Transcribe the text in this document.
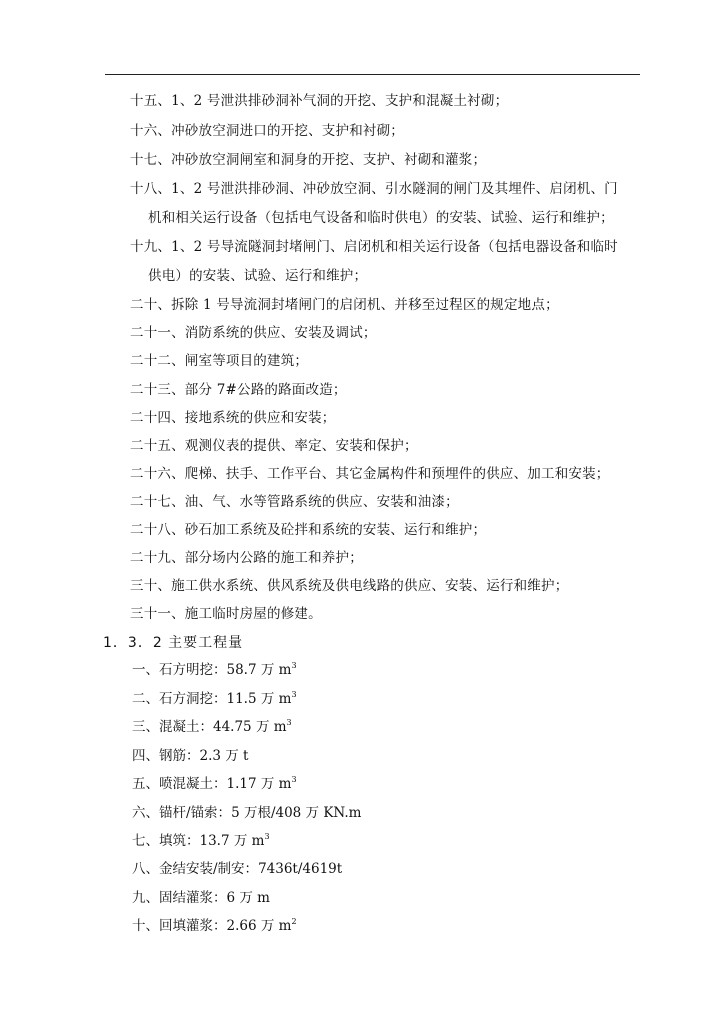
十五、1、2 号泄洪排砂洞补气洞的开挖、支护和混凝土衬砌；
十六、冲砂放空洞进口的开挖、支护和衬砌；
十七、冲砂放空洞闸室和洞身的开挖、支护、衬砌和灌浆；
十八、1、2 号泄洪排砂洞、冲砂放空洞、引水隧洞的闸门及其埋件、启闭机、门
机和相关运行设备（包括电气设备和临时供电）的安装、试验、运行和维护；
十九、1、2 号导流隧洞封堵闸门、启闭机和相关运行设备（包括电器设备和临时
供电）的安装、试验、运行和维护；
二十、拆除 1 号导流洞封堵闸门的启闭机、并移至过程区的规定地点；
二十一、消防系统的供应、安装及调试；
二十二、闸室等项目的建筑；
二十三、部分 7#公路的路面改造；
二十四、接地系统的供应和安装；
二十五、观测仪表的提供、率定、安装和保护；
二十六、爬梯、扶手、工作平台、其它金属构件和预埋件的供应、加工和安装；
二十七、油、气、水等管路系统的供应、安装和油漆；
二十八、砂石加工系统及砼拌和系统的安装、运行和维护；
二十九、部分场内公路的施工和养护；
三十、施工供水系统、供风系统及供电线路的供应、安装、运行和维护；
三十一、施工临时房屋的修建。
1．3．2 主要工程量
一、石方明挖：58.7 万 $m^3$
二、石方洞挖：11.5 万 $m^3$
三、混凝土：44.75 万 $m^3$
四、钢筋：2.3 万 t
五、喷混凝土：1.17 万 $m^3$
六、锚杆/锚索：5 万根/408 万 KN.m
七、填筑：13.7 万 $m^3$
八、金结安装/制安：7436t/4619t
九、固结灌浆：6 万 m
十、回填灌浆：2.66 万 $m^2$
